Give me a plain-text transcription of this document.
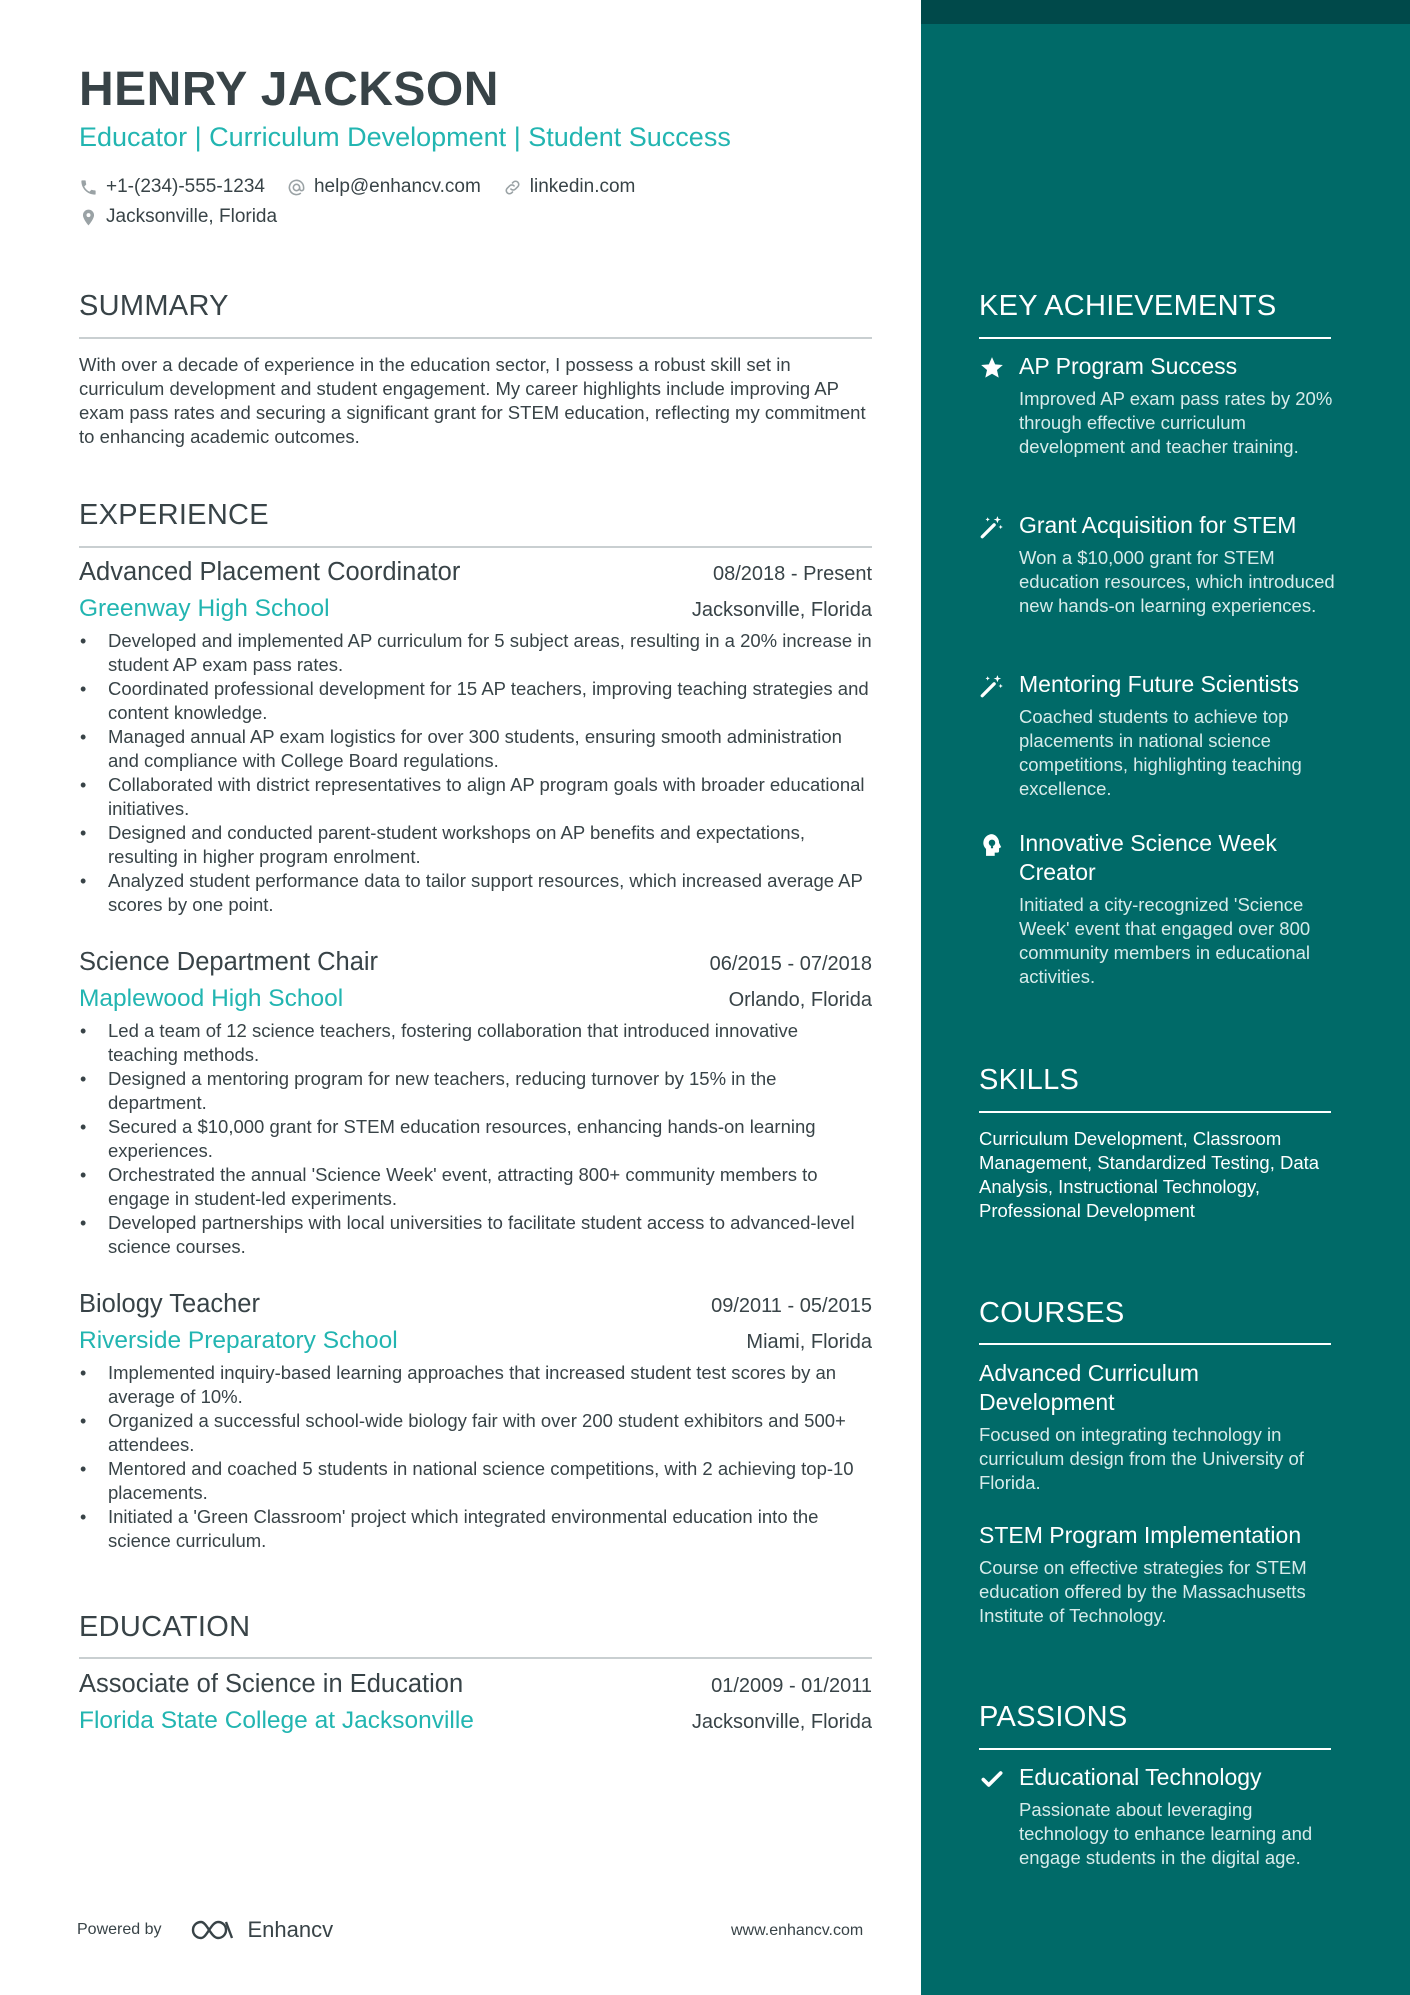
HENRY JACKSON
Educator | Curriculum Development | Student Success
+1-(234)-555-1234	help@enhancv.com	linkedin.com
Jacksonville, Florida
SUMMARY

With over a decade of experience in the education sector, I possess a robust skill set in curriculum development and student engagement. My career highlights include improving AP exam pass rates and securing a significant grant for STEM education, reflecting my commitment to enhancing academic outcomes.

EXPERIENCE
Advanced Placement Coordinator	08/2018 - Present
Greenway High School	Jacksonville, Florida
• Developed and implemented AP curriculum for 5 subject areas, resulting in a 20% increase in student AP exam pass rates.
• Coordinated professional development for 15 AP teachers, improving teaching strategies and content knowledge.
• Managed annual AP exam logistics for over 300 students, ensuring smooth administration and compliance with College Board regulations.
• Collaborated with district representatives to align AP program goals with broader educational initiatives.
• Designed and conducted parent-student workshops on AP benefits and expectations, resulting in higher program enrolment.
• Analyzed student performance data to tailor support resources, which increased average AP scores by one point.
Science Department Chair	06/2015 - 07/2018
Maplewood High School	Orlando, Florida
• Led a team of 12 science teachers, fostering collaboration that introduced innovative teaching methods.
• Designed a mentoring program for new teachers, reducing turnover by 15% in the department.
• Secured a $10,000 grant for STEM education resources, enhancing hands-on learning experiences.
• Orchestrated the annual 'Science Week' event, attracting 800+ community members to engage in student-led experiments.
• Developed partnerships with local universities to facilitate student access to advanced-level science courses.
Biology Teacher	09/2011 - 05/2015
Riverside Preparatory School	Miami, Florida
• Implemented inquiry-based learning approaches that increased student test scores by an average of 10%.
• Organized a successful school-wide biology fair with over 200 student exhibitors and 500+ attendees.
• Mentored and coached 5 students in national science competitions, with 2 achieving top-10 placements.
• Initiated a 'Green Classroom' project which integrated environmental education into the science curriculum.
EDUCATION
Associate of Science in Education	01/2009 - 01/2011
Florida State College at Jacksonville	Jacksonville, Florida
Powered by	Enhancv	www.enhancv.com
KEY ACHIEVEMENTS
AP Program Success
Improved AP exam pass rates by 20% through effective curriculum development and teacher training.
Grant Acquisition for STEM
Won a $10,000 grant for STEM education resources, which introduced new hands-on learning experiences.
Mentoring Future Scientists
Coached students to achieve top placements in national science competitions, highlighting teaching excellence.
Innovative Science Week Creator
Initiated a city-recognized 'Science Week' event that engaged over 800 community members in educational activities.
SKILLS

Curriculum Development, Classroom Management, Standardized Testing, Data Analysis, Instructional Technology, Professional Development

COURSES
Advanced Curriculum Development
Focused on integrating technology in curriculum design from the University of Florida.
STEM Program Implementation
Course on effective strategies for STEM education offered by the Massachusetts Institute of Technology.
PASSIONS
Educational Technology
Passionate about leveraging technology to enhance learning and engage students in the digital age.
